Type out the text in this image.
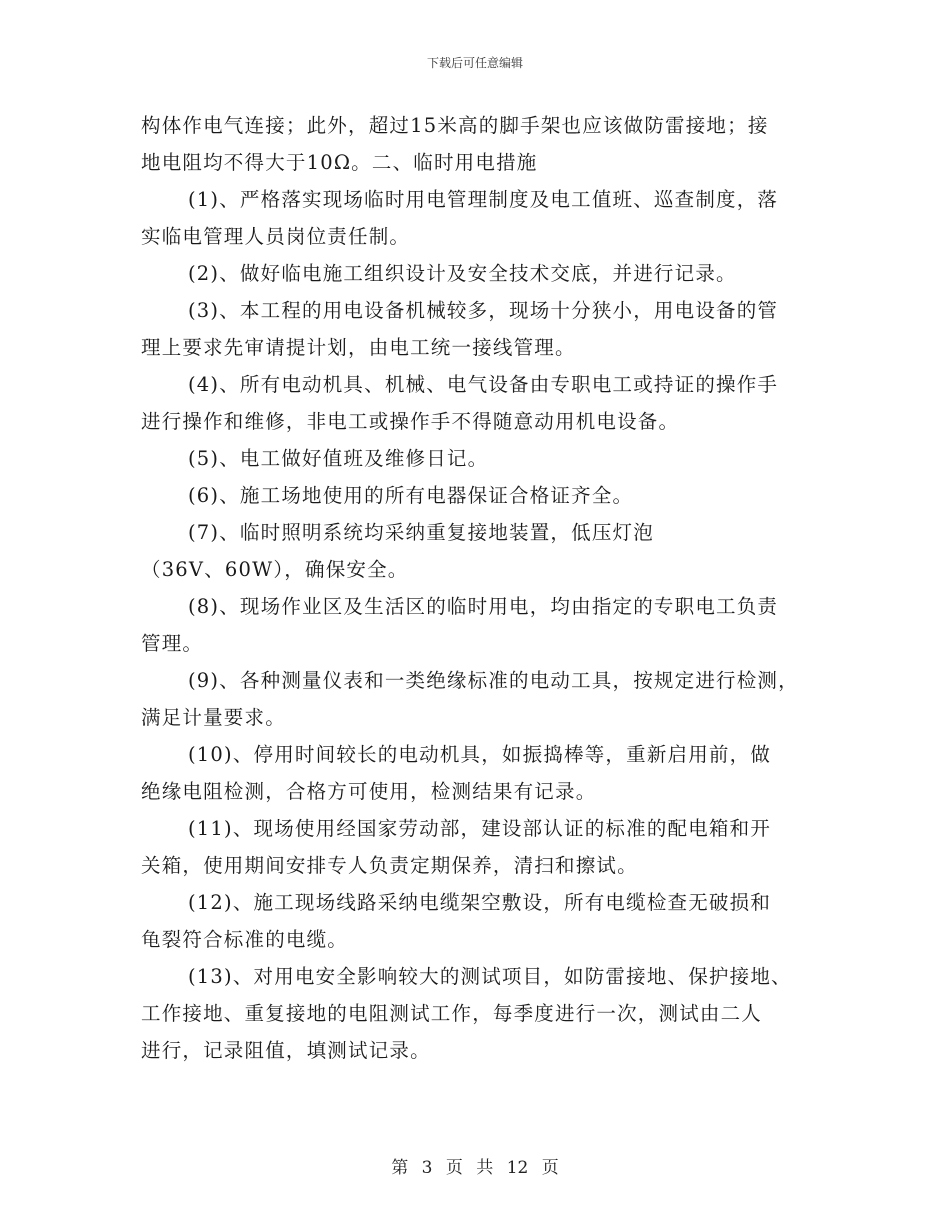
下载后可任意编辑
构体作电气连接；此外，超过15米高的脚手架也应该做防雷接地；接
地电阻均不得大于10Ω。二、临时用电措施
(1)、严格落实现场临时用电管理制度及电工值班、巡查制度，落
实临电管理人员岗位责任制。
(2)、做好临电施工组织设计及安全技术交底，并进行记录。
(3)、本工程的用电设备机械较多，现场十分狭小，用电设备的管
理上要求先审请提计划，由电工统一接线管理。
(4)、所有电动机具、机械、电气设备由专职电工或持证的操作手
进行操作和维修，非电工或操作手不得随意动用机电设备。
(5)、电工做好值班及维修日记。
(6)、施工场地使用的所有电器保证合格证齐全。
(7)、临时照明系统均采纳重复接地装置，低压灯泡
（36V、60W），确保安全。
(8)、现场作业区及生活区的临时用电，均由指定的专职电工负责
管理。
(9)、各种测量仪表和一类绝缘标准的电动工具，按规定进行检测，
满足计量要求。
(10)、停用时间较长的电动机具，如振捣棒等，重新启用前，做
绝缘电阻检测，合格方可使用，检测结果有记录。
(11)、现场使用经国家劳动部，建设部认证的标准的配电箱和开
关箱，使用期间安排专人负责定期保养，清扫和擦试。
(12)、施工现场线路采纳电缆架空敷设，所有电缆检查无破损和
龟裂符合标准的电缆。
(13)、对用电安全影响较大的测试项目，如防雷接地、保护接地、
工作接地、重复接地的电阻测试工作，每季度进行一次，测试由二人
进行，记录阻值，填测试记录。
第 3 页 共 12 页
